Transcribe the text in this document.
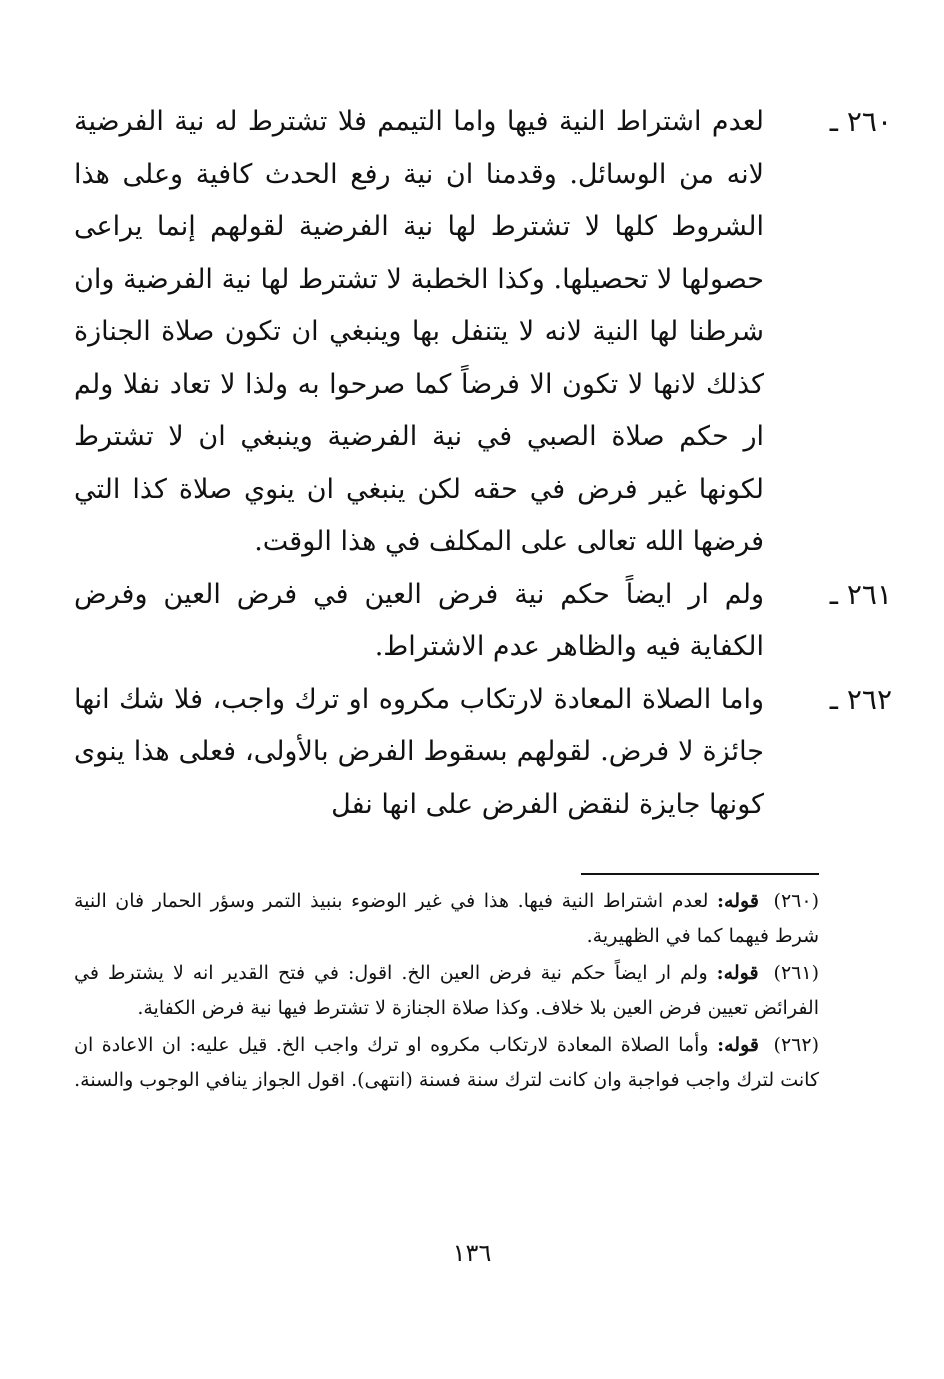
٢٦٠ ـ
لعدم اشتراط النية فيها واما التيمم فلا تشترط له نية الفرضية لانه من الوسائل. وقدمنا ان نية رفع الحدث كافية وعلى هذا الشروط كلها لا تشترط لها نية الفرضية لقولهم إنما يراعى حصولها لا تحصيلها. وكذا الخطبة لا تشترط لها نية الفرضية وان شرطنا لها النية لانه لا يتنفل بها وينبغي ان تكون صلاة الجنازة كذلك لانها لا تكون الا فرضاً كما صرحوا به ولذا لا تعاد نفلا ولم ار حكم صلاة الصبي في نية الفرضية وينبغي ان لا تشترط لكونها غير فرض في حقه لكن ينبغي ان ينوي صلاة كذا التي فرضها الله تعالى على المكلف في هذا الوقت.
٢٦١ ـ
ولم ار ايضاً حكم نية فرض العين في فرض العين وفرض الكفاية فيه والظاهر عدم الاشتراط.
٢٦٢ ـ
واما الصلاة المعادة لارتكاب مكروه او ترك واجب، فلا شك انها جائزة لا فرض. لقولهم بسقوط الفرض بالأولى، فعلى هذا ينوى كونها جايزة لنقض الفرض على انها نفل
(٢٦٠) قوله: لعدم اشتراط النية فيها. هذا في غير الوضوء بنبيذ التمر وسؤر الحمار فان النية شرط فيهما كما في الظهيرية.
(٢٦١) قوله: ولم ار ايضاً حكم نية فرض العين الخ. اقول: في فتح القدير انه لا يشترط في الفرائض تعيين فرض العين بلا خلاف. وكذا صلاة الجنازة لا تشترط فيها نية فرض الكفاية.
(٢٦٢) قوله: وأما الصلاة المعادة لارتكاب مكروه او ترك واجب الخ. قيل عليه: ان الاعادة ان كانت لترك واجب فواجبة وان كانت لترك سنة فسنة (انتهى). اقول الجواز ينافي الوجوب والسنة.
١٣٦
